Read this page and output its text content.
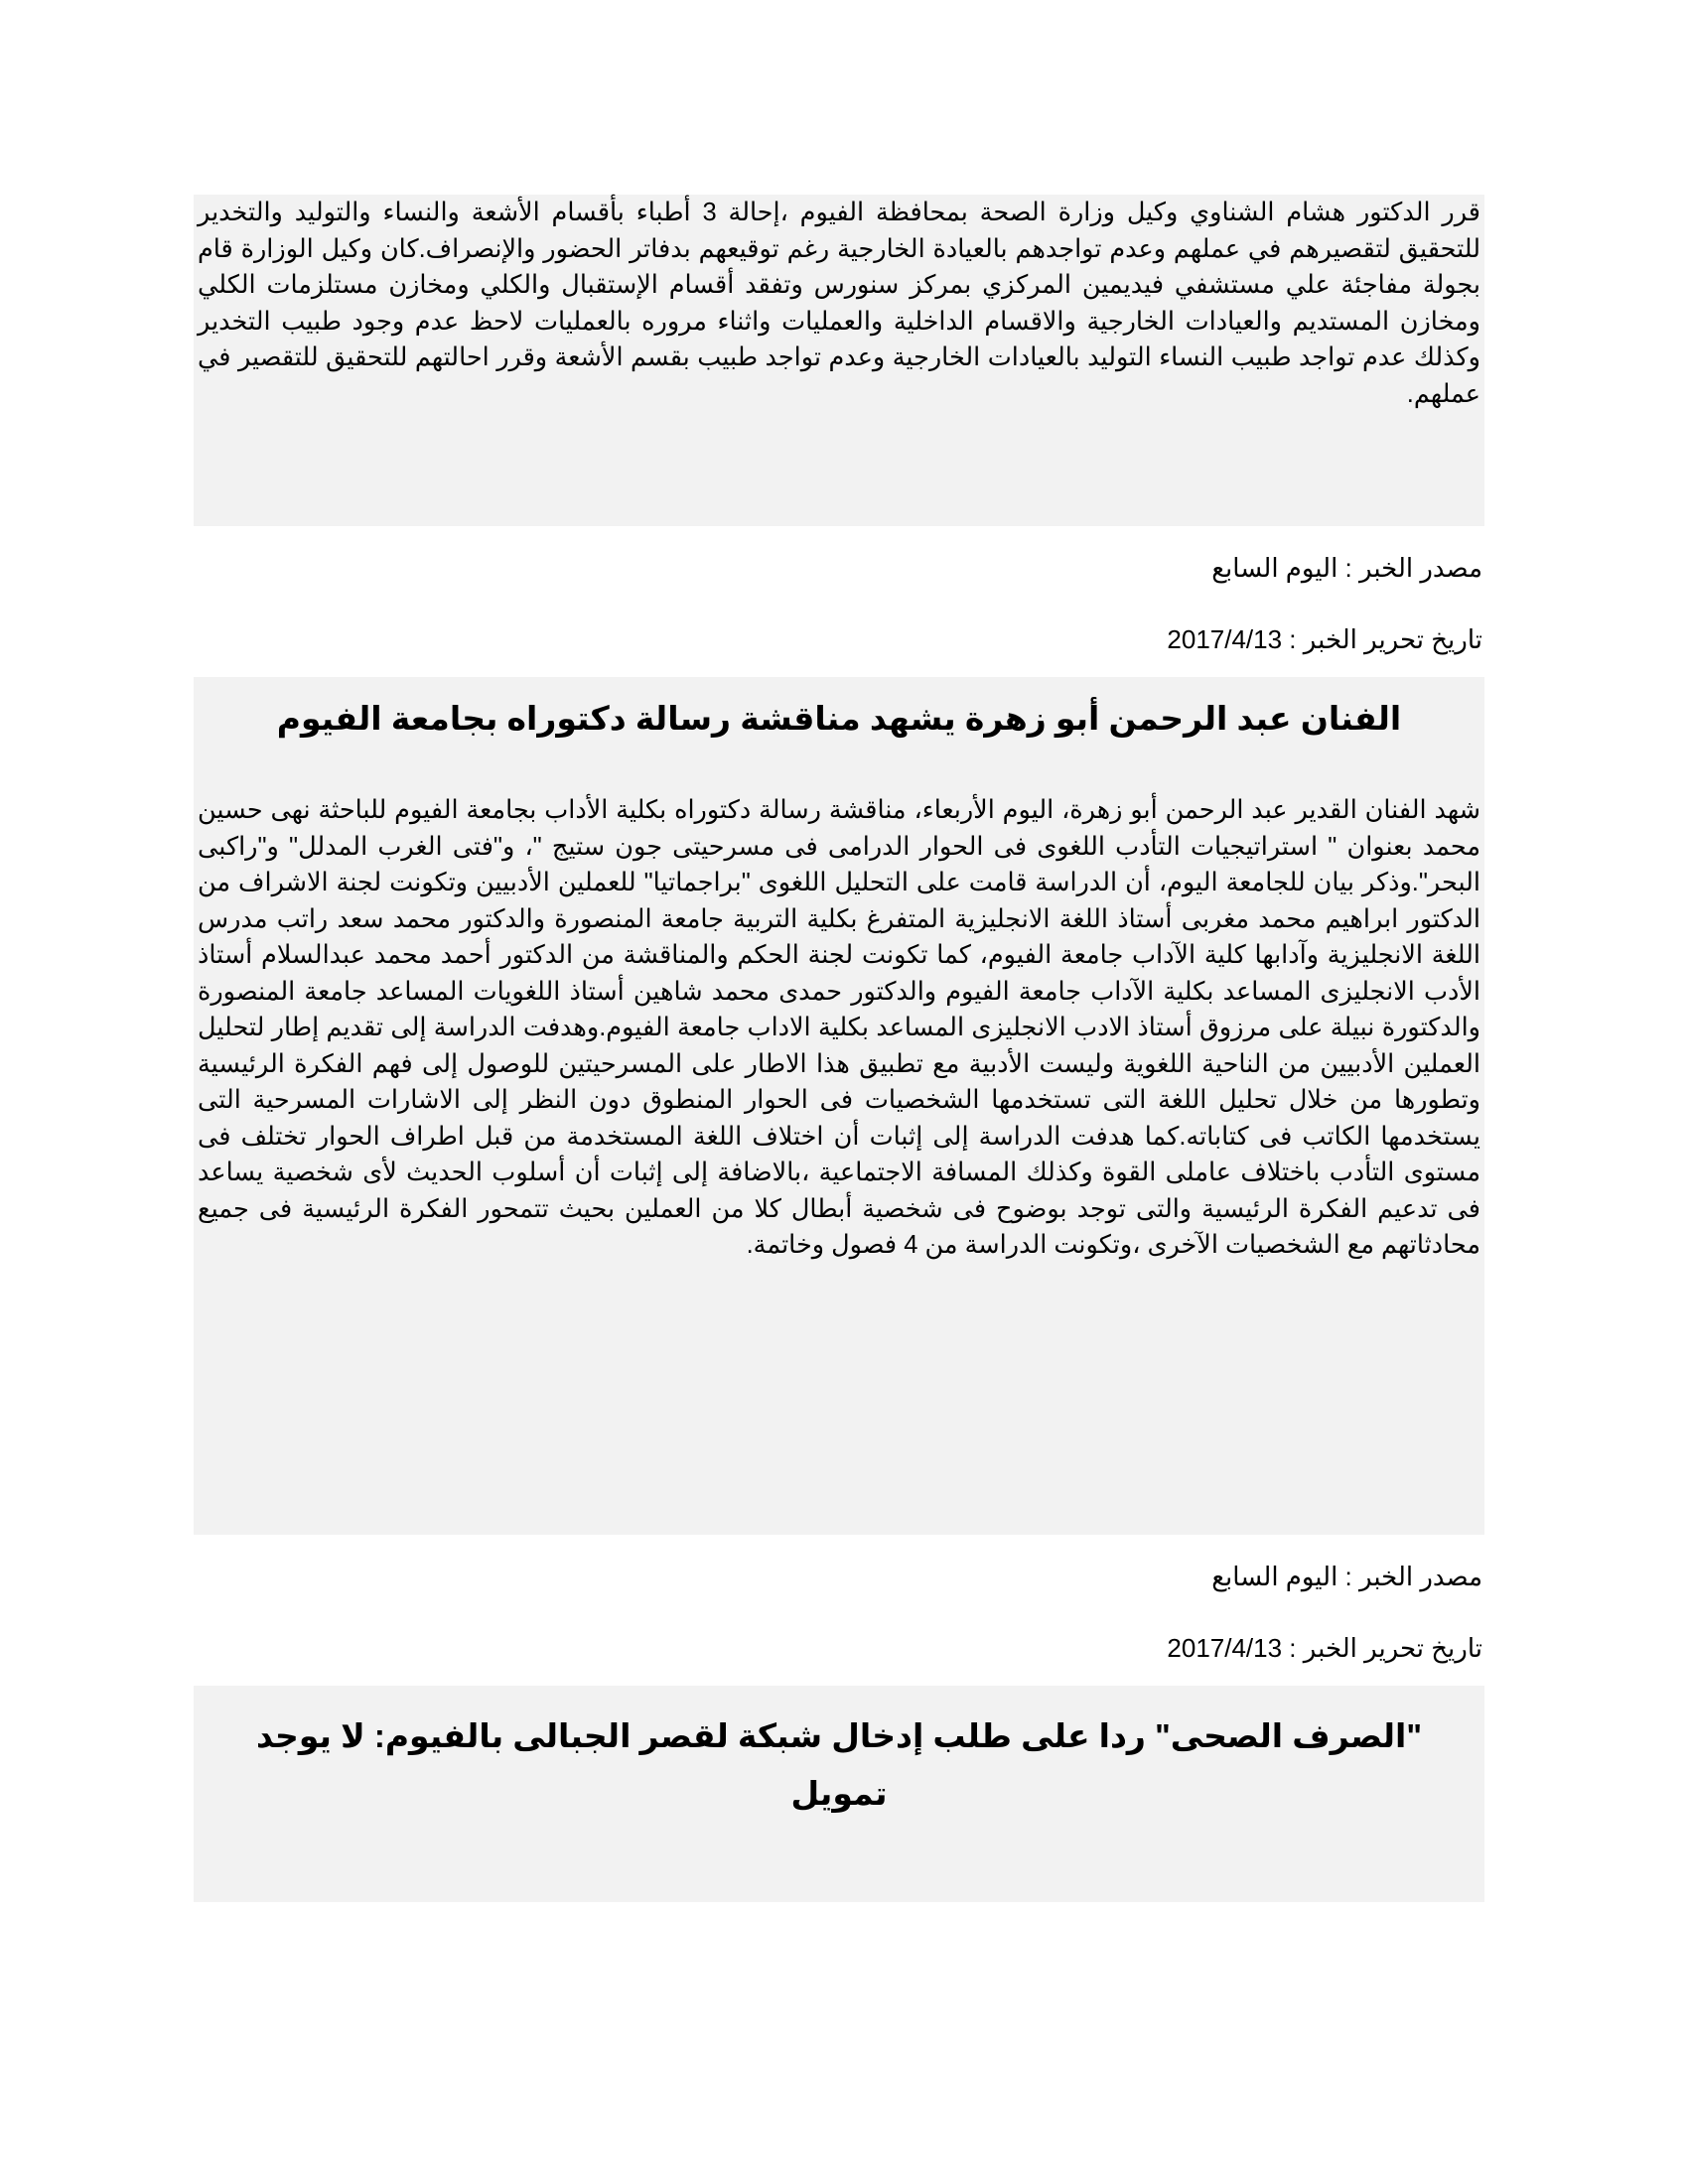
قرر الدكتور هشام الشناوي وكيل وزارة الصحة بمحافظة الفيوم ،إحالة 3 أطباء بأقسام الأشعة والنساء والتوليد والتخدير للتحقيق لتقصيرهم في عملهم وعدم تواجدهم بالعيادة الخارجية رغم توقيعهم بدفاتر الحضور والإنصراف.كان وكيل الوزارة قام بجولة مفاجئة علي مستشفي فيديمين المركزي بمركز سنورس وتفقد أقسام الإستقبال والكلي ومخازن مستلزمات الكلي ومخازن المستديم والعيادات الخارجية والاقسام الداخلية والعمليات واثناء مروره بالعمليات لاحظ عدم وجود طبيب التخدير وكذلك عدم تواجد طبيب النساء التوليد بالعيادات الخارجية وعدم تواجد طبيب بقسم الأشعة وقرر احالتهم للتحقيق للتقصير في عملهم.

مصدر الخبر : اليوم السابع

تاريخ تحرير الخبر : 2017/4/13

الفنان عبد الرحمن أبو زهرة يشهد مناقشة رسالة دكتوراه بجامعة الفيوم

شهد الفنان القدير عبد الرحمن أبو زهرة، اليوم الأربعاء، مناقشة رسالة دكتوراه بكلية الأداب بجامعة الفيوم للباحثة نهى حسين محمد بعنوان " استراتيجيات التأدب اللغوى فى الحوار الدرامى فى مسرحيتى جون ستيج "، و"فتى الغرب المدلل" و"راكبى البحر".وذكر بيان للجامعة اليوم، أن الدراسة قامت على التحليل اللغوى "براجماتيا" للعملين الأدبيين وتكونت لجنة الاشراف من الدكتور ابراهيم محمد مغربى أستاذ اللغة الانجليزية المتفرغ بكلية التربية جامعة المنصورة والدكتور محمد سعد راتب مدرس اللغة الانجليزية وآدابها كلية الآداب جامعة الفيوم، كما تكونت لجنة الحكم والمناقشة من الدكتور أحمد محمد عبدالسلام أستاذ الأدب الانجليزى المساعد بكلية الآداب جامعة الفيوم والدكتور حمدى محمد شاهين أستاذ اللغويات المساعد جامعة المنصورة والدكتورة نبيلة على مرزوق أستاذ الادب الانجليزى المساعد بكلية الاداب جامعة الفيوم.وهدفت الدراسة إلى تقديم إطار لتحليل العملين الأدبيين من الناحية اللغوية وليست الأدبية مع تطبيق هذا الاطار على المسرحيتين للوصول إلى فهم الفكرة الرئيسية وتطورها من خلال تحليل اللغة التى تستخدمها الشخصيات فى الحوار المنطوق دون النظر إلى الاشارات المسرحية التى يستخدمها الكاتب فى كتاباته.كما هدفت الدراسة إلى إثبات أن اختلاف اللغة المستخدمة من قبل اطراف الحوار تختلف فى مستوى التأدب باختلاف عاملى القوة وكذلك المسافة الاجتماعية ،بالاضافة إلى إثبات أن أسلوب الحديث لأى شخصية يساعد فى تدعيم الفكرة الرئيسية والتى توجد بوضوح فى شخصية أبطال كلا من العملين بحيث تتمحور الفكرة الرئيسية فى جميع محادثاتهم مع الشخصيات الآخرى ،وتكونت الدراسة من 4 فصول وخاتمة.

مصدر الخبر : اليوم السابع

تاريخ تحرير الخبر : 2017/4/13

"الصرف الصحى" ردا على طلب إدخال شبكة لقصر الجبالى بالفيوم: لا يوجد تمويل
